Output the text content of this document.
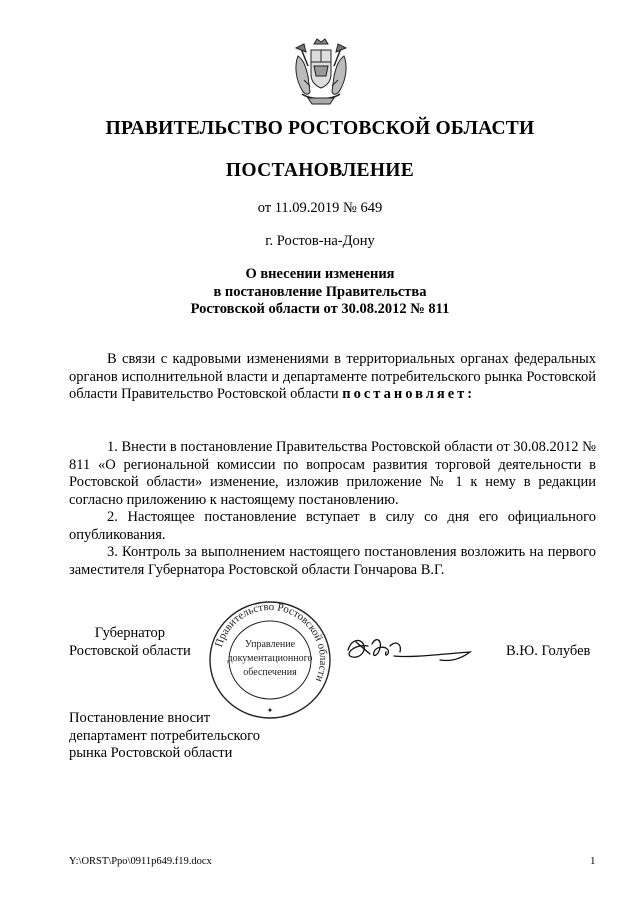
ПРАВИТЕЛЬСТВО РОСТОВСКОЙ ОБЛАСТИ
ПОСТАНОВЛЕНИЕ
от 11.09.2019 № 649
г. Ростов-на-Дону
О внесении изменения
в постановление Правительства
Ростовской области от 30.08.2012 № 811

В связи с кадровыми изменениями в территориальных органах федеральных органов исполнительной власти и департаменте потребительского рынка Ростовской области Правительство Ростовской области постановляет:

1. Внести в постановление Правительства Ростовской области от 30.08.2012 № 811 «О региональной комиссии по вопросам развития торговой деятельности в Ростовской области» изменение, изложив приложение № 1 к нему в редакции согласно приложению к настоящему постановлению.

2. Настоящее постановление вступает в силу со дня его официального опубликования.

3. Контроль за выполнением настоящего постановления возложить на первого заместителя Губернатора Ростовской области Гончарова В.Г.

Губернатор
Ростовской области Правительство Ростовской области
Управление
документационного
обеспечения
✦
В.Ю. Голубев
Постановление вносит
департамент потребительского
рынка Ростовской области
Y:\ORST\Ppo\0911p649.f19.docx	1
